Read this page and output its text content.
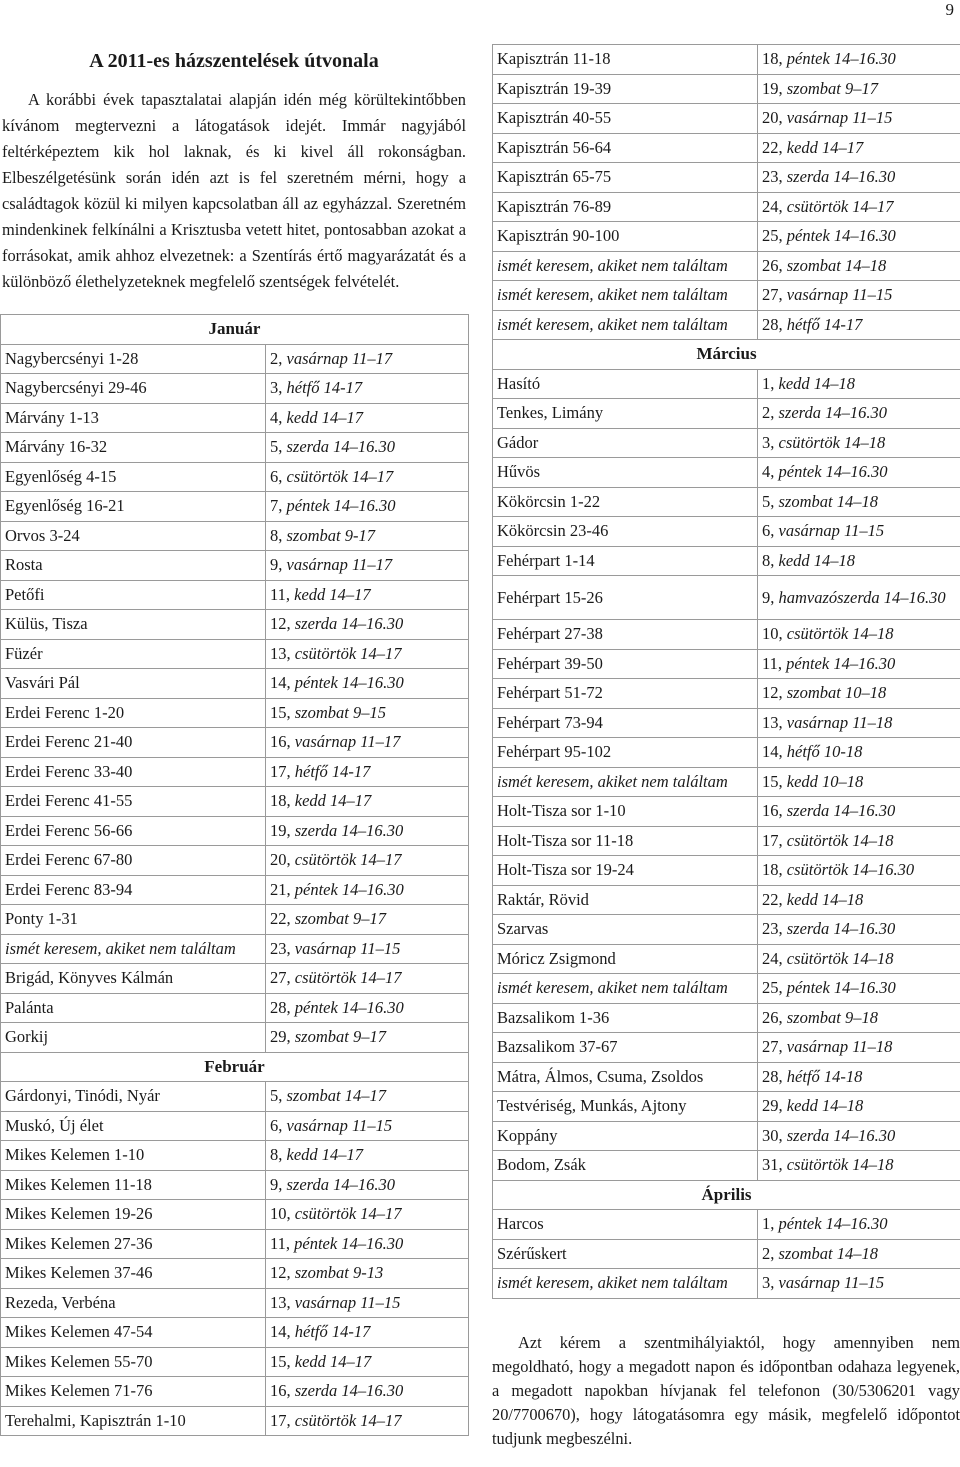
9
A 2011-es házszentelések útvonala

A korábbi évek tapasztalatai alapján idén még körültekintőbben kívánom megtervezni a látogatások idejét. Immár nagyjából feltérképeztem kik hol laknak, és ki kivel áll rokonságban. Elbeszélgetésünk során idén azt is fel szeretném mérni, hogy a családtagok közül ki milyen kapcsolatban áll az egyházzal. Szeretném mindenkinek felkínálni a Krisztusba vetett hitet, pontosabban azokat a forrásokat, amik ahhoz elvezetnek: a Szentírás értő magyarázatát és a különböző élethelyzeteknek megfelelő szentségek felvételét.

Január	
Nagybercsényi 1-28	2, vasárnap 11–17
Nagybercsényi 29-46	3, hétfő 14-17
Márvány 1-13	4, kedd 14–17
Márvány 16-32	5, szerda 14–16.30
Egyenlőség 4-15	6, csütörtök 14–17
Egyenlőség 16-21	7, péntek 14–16.30
Orvos 3-24	8, szombat 9-17
Rosta	9, vasárnap 11–17
Petőfi	11, kedd 14–17
Külüs, Tisza	12, szerda 14–16.30
Füzér	13, csütörtök 14–17
Vasvári Pál	14, péntek 14–16.30
Erdei Ferenc 1-20	15, szombat 9–15
Erdei Ferenc 21-40	16, vasárnap 11–17
Erdei Ferenc 33-40	17, hétfő 14-17
Erdei Ferenc 41-55	18, kedd 14–17
Erdei Ferenc 56-66	19, szerda 14–16.30
Erdei Ferenc 67-80	20, csütörtök 14–17
Erdei Ferenc 83-94	21, péntek 14–16.30
Ponty 1-31	22, szombat 9–17
ismét keresem, akiket nem találtam	23, vasárnap 11–15
Brigád, Könyves Kálmán	27, csütörtök 14–17
Palánta	28, péntek 14–16.30
Gorkij	29, szombat 9–17
Február	
Gárdonyi, Tinódi, Nyár	5, szombat 14–17
Muskó, Új élet	6, vasárnap 11–15
Mikes Kelemen 1-10	8, kedd 14–17
Mikes Kelemen 11-18	9, szerda 14–16.30
Mikes Kelemen 19-26	10, csütörtök 14–17
Mikes Kelemen 27-36	11, péntek 14–16.30
Mikes Kelemen 37-46	12, szombat 9-13
Rezeda, Verbéna	13, vasárnap 11–15
Mikes Kelemen 47-54	14, hétfő 14-17
Mikes Kelemen 55-70	15, kedd 14–17
Mikes Kelemen 71-76	16, szerda 14–16.30
Terehalmi, Kapisztrán 1-10	17, csütörtök 14–17
Kapisztrán 11-18	18, péntek 14–16.30
Kapisztrán 19-39	19, szombat 9–17
Kapisztrán 40-55	20, vasárnap 11–15
Kapisztrán 56-64	22, kedd 14–17
Kapisztrán 65-75	23, szerda 14–16.30
Kapisztrán 76-89	24, csütörtök 14–17
Kapisztrán 90-100	25, péntek 14–16.30
ismét keresem, akiket nem találtam	26, szombat 14–18
ismét keresem, akiket nem találtam	27, vasárnap 11–15
ismét keresem, akiket nem találtam	28, hétfő 14-17
Március	
Hasító	1, kedd 14–18
Tenkes, Limány	2, szerda 14–16.30
Gádor	3, csütörtök 14–18
Hűvös	4, péntek 14–16.30
Kökörcsin 1-22	5, szombat 14–18
Kökörcsin 23-46	6, vasárnap 11–15
Fehérpart 1-14	8, kedd 14–18
Fehérpart 15-26	9, hamvazószerda 14–16.30
Fehérpart 27-38	10, csütörtök 14–18
Fehérpart 39-50	11, péntek 14–16.30
Fehérpart 51-72	12, szombat 10–18
Fehérpart 73-94	13, vasárnap 11–18
Fehérpart 95-102	14, hétfő 10-18
ismét keresem, akiket nem találtam	15, kedd 10–18
Holt-Tisza sor 1-10	16, szerda 14–16.30
Holt-Tisza sor 11-18	17, csütörtök 14–18
Holt-Tisza sor 19-24	18, csütörtök 14–16.30
Raktár, Rövid	22, kedd 14–18
Szarvas	23, szerda 14–16.30
Móricz Zsigmond	24, csütörtök 14–18
ismét keresem, akiket nem találtam	25, péntek 14–16.30
Bazsalikom 1-36	26, szombat 9–18
Bazsalikom 37-67	27, vasárnap 11–18
Mátra, Álmos, Csuma, Zsoldos	28, hétfő 14-18
Testvériség, Munkás, Ajtony	29, kedd 14–18
Koppány	30, szerda 14–16.30
Bodom, Zsák	31, csütörtök 14–18
Április	
Harcos	1, péntek 14–16.30
Szérűskert	2, szombat 14–18
ismét keresem, akiket nem találtam	3, vasárnap 11–15

Azt kérem a szentmihályiaktól, hogy amennyiben nem megoldható, hogy a megadott napon és időpontban odahaza legyenek, a megadott napokban hívjanak fel telefonon (30/5306201 vagy 20/7700670), hogy látogatásomra egy másik, megfelelő időpontot tudjunk megbeszélni.
